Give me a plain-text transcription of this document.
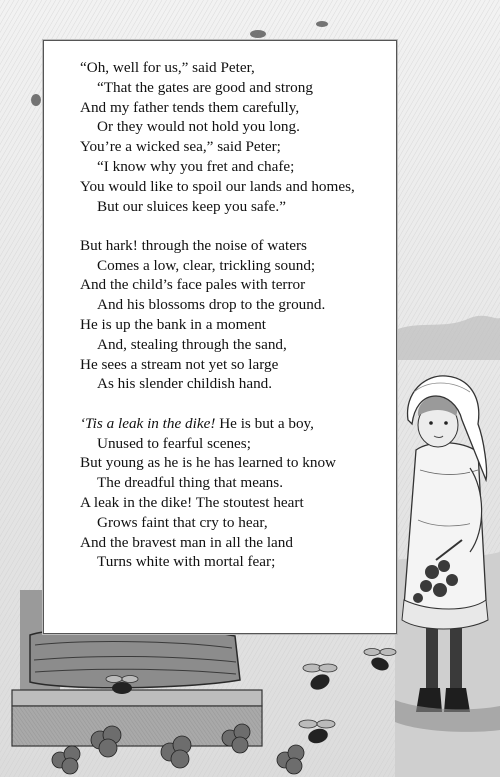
“Oh, well for us,” said Peter,
“That the gates are good and strong
And my father tends them carefully,
Or they would not hold you long.
You’re a wicked sea,” said Peter;
“I know why you fret and chafe;
You would like to spoil our lands and homes,
But our sluices keep you safe.”
But hark! through the noise of waters
Comes a low, clear, trickling sound;
And the child’s face pales with terror
And his blossoms drop to the ground.
He is up the bank in a moment
And, stealing through the sand,
He sees a stream not yet so large
As his slender childish hand.
‘Tis a leak in the dike! He is but a boy,
Unused to fearful scenes;
But young as he is he has learned to know
The dreadful thing that means.
A leak in the dike! The stoutest heart
Grows faint that cry to hear,
And the bravest man in all the land
Turns white with mortal fear;
